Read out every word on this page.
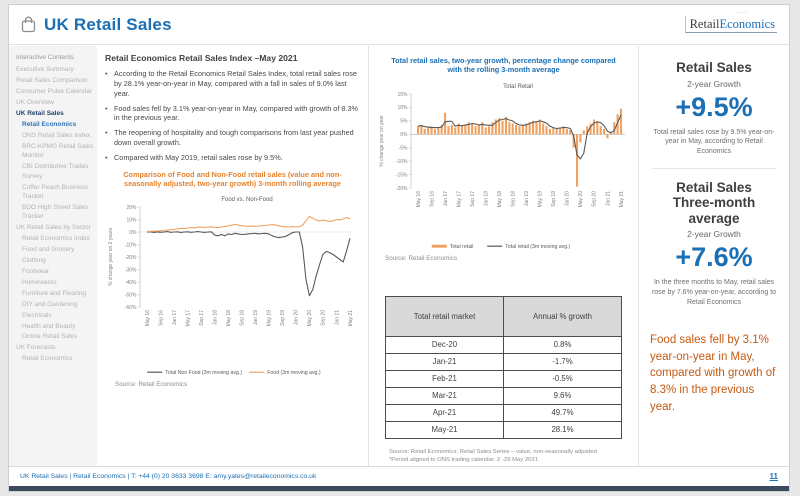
UK Retail Sales	RetailEconomics ···
Interactive Contents
Executive Summary
Retail Sales Comparison
Consumer Pulse Calendar
UK Overview
UK Retail Sales
Retail Economics
ONS Retail Sales Index
BRC-KPMG Retail Sales Monitor
CBI Distributive Trades Survey
Coffer Peach Business Tracker
BDO High Street Sales Tracker
UK Retail Sales by Sector
Retail Economics Index
Food and Grocery
Clothing
Footwear
Homewares
Furniture and Flooring
DIY and Gardening
Electricals
Health and Beauty
Online Retail Sales
UK Forecasts
Retail Economics
Retail Economics Retail Sales Index –May 2021
• According to the Retail Economics Retail Sales Index, total retail sales rose by 28.1% year-on-year in May, compared with a fall in sales of 9.0% last year.
• Food sales fell by 3.1% year-on-year in May, compared with growth of 8.3% in the previous year.
• The reopening of hospitality and tough comparisons from last year pushed down overall growth.
• Compared with May 2019, retail sales rose by 9.5%.
Comparison of Food and Non-Food retail sales (value and non-seasonally adjusted, two-year growth) 3-month rolling average
Food vs. Non-Food
% change year on 2 years
20%
10%
0%
-10%
-20%
-30%
-40%
-50%
-60%
May 16 Sep 16 Jan 17 May 17 Sep 17 Jan 18 May 18 Sep 18 Jan 19 May 19 Sep 19 Jan 20 May 20 Sep 20 Jan 21 May 21
Total Non Food (3m moving avg.)	Food (3m moving avg.)
Source: Retail Economics
Total retail sales, two-year growth, percentage change compared with the rolling 3-month average
Total Retail
% change year on year
15%
10%
5%
0%
-5%
-10%
-15%
-20%
May 16 Sep 16 Jan 17 May 17 Sep 17 Jan 18 May 18 Sep 18 Jan 19 May 19 Sep 19 Jan 20 May 20 Sep 20 Jan 21 May 21
Total retail	Total retail (3m moving avg.)
Source: Retail Economics
Total retail market	Annual % growth
Dec-20	0.8%
Jan-21	-1.7%
Feb-21	-0.5%
Mar-21	9.6%
Apr-21	49.7%
May-21	28.1%
Source: Retail Economics: Retail Sales Series – value, non-seasonally adjusted
*Period aligned to ONS trading calendar: 2 -29 May 2021
Retail Sales
2-year Growth
+9.5%
Total retail sales rose by 9.5% year-on-year in May, according to Retail Economics
Retail Sales
Three-month average
2-year Growth
+7.6%
In the three months to May, retail sales rose by 7.6% year-on-year, according to Retail Economics
Food sales fell by 3.1% year-on-year in May, compared with growth of 8.3% in the previous year.
UK Retail Sales | Retail Economics | T: +44 (0) 20 3633 3698 E: amy.yates@retaileconomics.co.uk	11
